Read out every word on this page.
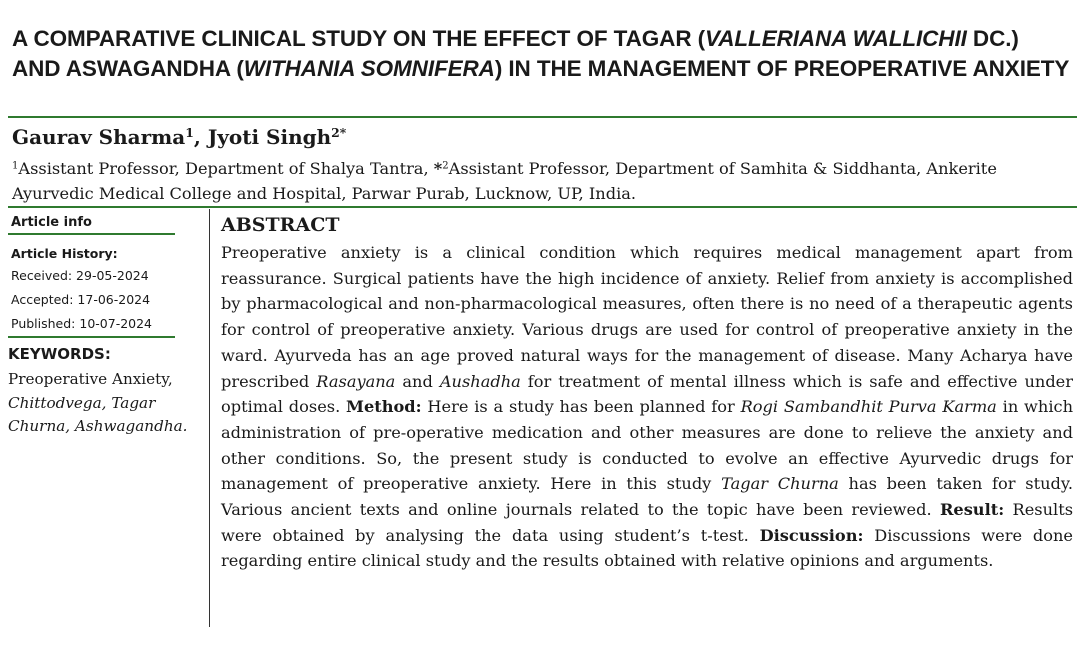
A COMPARATIVE CLINICAL STUDY ON THE EFFECT OF TAGAR (VALLERIANA WALLICHII DC.) AND ASWAGANDHA (WITHANIA SOMNIFERA) IN THE MANAGEMENT OF PREOPERATIVE ANXIETY
Gaurav Sharma$^1$, Jyoti Singh$^{2*}$
$^1$Assistant Professor, Department of Shalya Tantra, *$^2$Assistant Professor, Department of Samhita & Siddhanta, Ankerite Ayurvedic Medical College and Hospital, Parwar Purab, Lucknow, UP, India.
Article info
Article History:
Received: 29-05-2024
Accepted: 17-06-2024
Published: 10-07-2024
KEYWORDS:
Preoperative Anxiety, Chittodvega, Tagar Churna, Ashwagandha.
ABSTRACT

Preoperative anxiety is a clinical condition which requires medical management apart from reassurance. Surgical patients have the high incidence of anxiety. Relief from anxiety is accomplished by pharmacological and non-pharmacological measures, often there is no need of a therapeutic agents for control of preoperative anxiety. Various drugs are used for control of preoperative anxiety in the ward. Ayurveda has an age proved natural ways for the management of disease. Many Acharya have prescribed Rasayana and Aushadha for treatment of mental illness which is safe and effective under optimal doses. Method: Here is a study has been planned for Rogi Sambandhit Purva Karma in which administration of pre-operative medication and other measures are done to relieve the anxiety and other conditions. So, the present study is conducted to evolve an effective Ayurvedic drugs for management of preoperative anxiety. Here in this study Tagar Churna has been taken for study. Various ancient texts and online journals related to the topic have been reviewed. Result: Results were obtained by analysing the data using student’s t-test. Discussion: Discussions were done regarding entire clinical study and the results obtained with relative opinions and arguments.
